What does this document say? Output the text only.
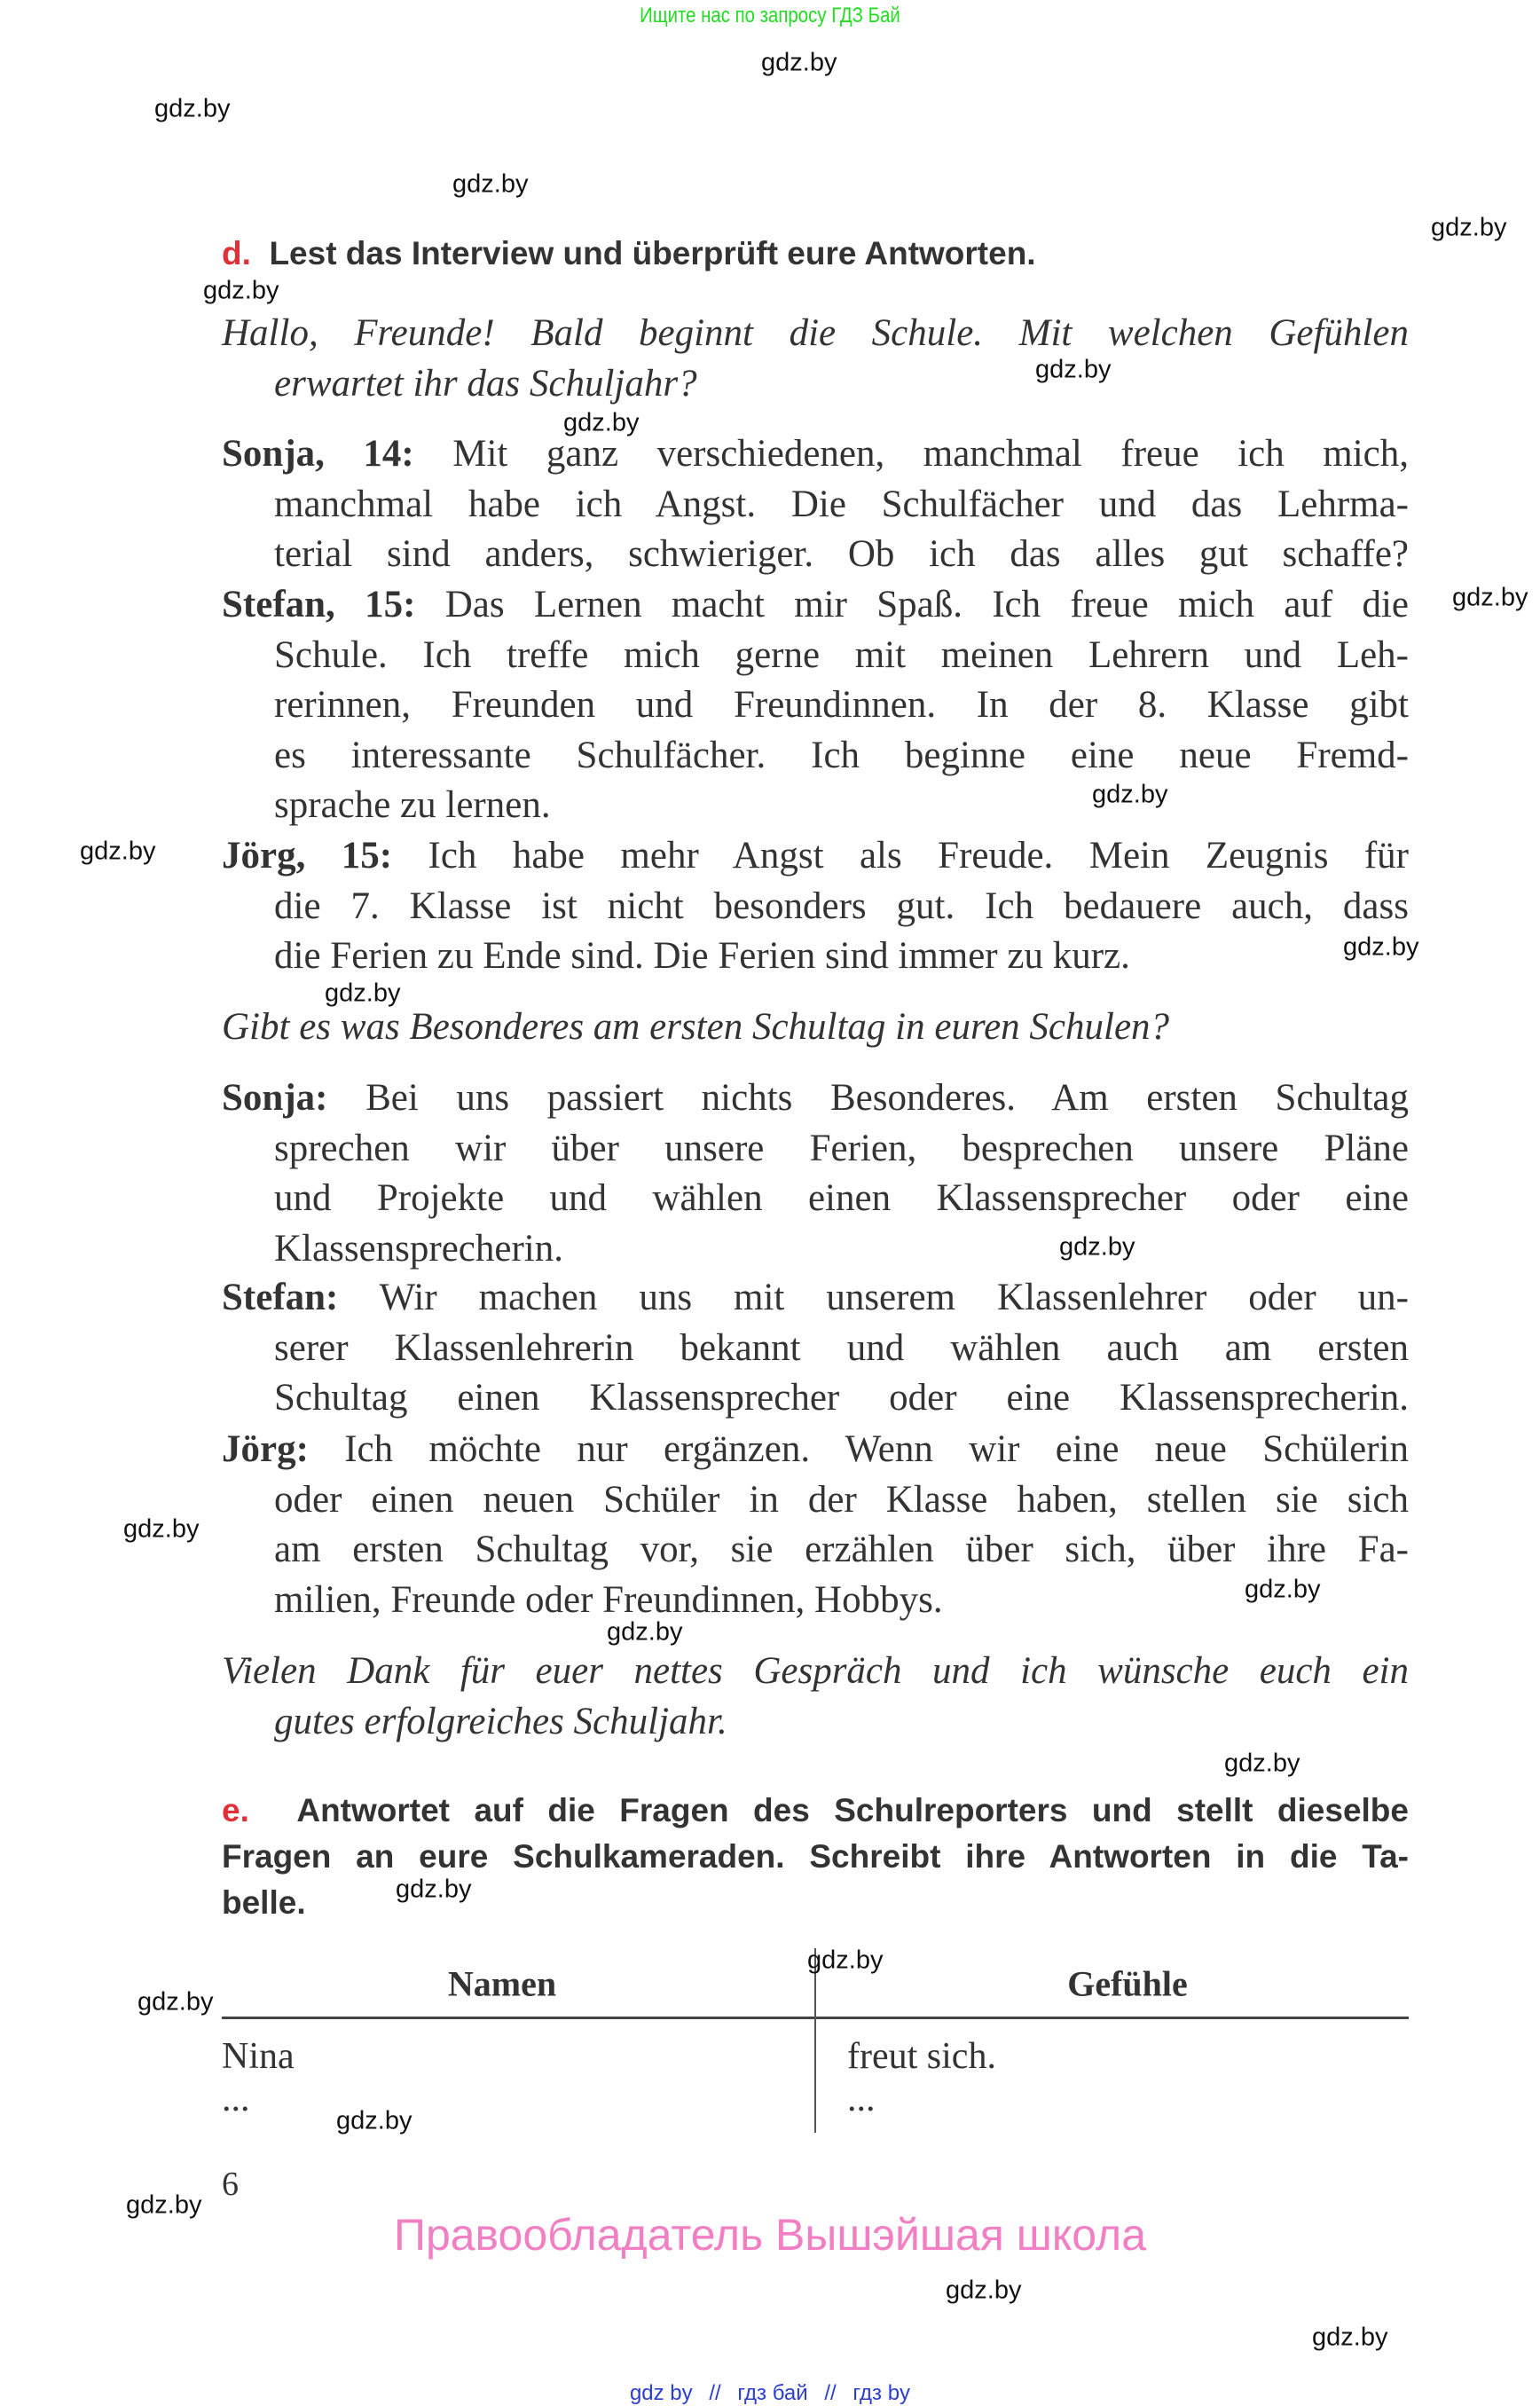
Ищите нас по запросу ГДЗ Бай
d. Lest das Interview und überprüft eure Antworten.
Hallo, Freunde! Bald beginnt die Schule. Mit welchen Gefühlen
erwartet ihr das Schuljahr?
Sonja, 14: Mit ganz verschiedenen, manchmal freue ich mich,
manchmal habe ich Angst. Die Schulfächer und das Lehrma-
terial sind anders, schwieriger. Ob ich das alles gut schaffe?
Stefan, 15: Das Lernen macht mir Spaß. Ich freue mich auf die
Schule. Ich treffe mich gerne mit meinen Lehrern und Leh-
rerinnen, Freunden und Freundinnen. In der 8. Klasse gibt
es interessante Schulfächer. Ich beginne eine neue Fremd-
sprache zu lernen.
Jörg, 15: Ich habe mehr Angst als Freude. Mein Zeugnis für
die 7. Klasse ist nicht besonders gut. Ich bedauere auch, dass
die Ferien zu Ende sind. Die Ferien sind immer zu kurz.
Gibt es was Besonderes am ersten Schultag in euren Schulen?
Sonja: Bei uns passiert nichts Besonderes. Am ersten Schultag
sprechen wir über unsere Ferien, besprechen unsere Pläne
und Projekte und wählen einen Klassensprecher oder eine
Klassensprecherin.
Stefan: Wir machen uns mit unserem Klassenlehrer oder un-
serer Klassenlehrerin bekannt und wählen auch am ersten
Schultag einen Klassensprecher oder eine Klassensprecherin.
Jörg: Ich möchte nur ergänzen. Wenn wir eine neue Schülerin
oder einen neuen Schüler in der Klasse haben, stellen sie sich
am ersten Schultag vor, sie erzählen über sich, über ihre Fa-
milien, Freunde oder Freundinnen, Hobbys.
Vielen Dank für euer nettes Gespräch und ich wünsche euch ein
gutes erfolgreiches Schuljahr.
e. Antwortet auf die Fragen des Schulreporters und stellt dieselbe
Fragen an eure Schulkameraden. Schreibt ihre Antworten in die Ta-
belle.
Namen	Gefühle
Nina	freut sich.
...	...
6
Правообладатель Вышэйшая школа
gdz by // гдз бай // гдз by
gdz.by
gdz.by
gdz.by
gdz.by
gdz.by
gdz.by
gdz.by
gdz.by
gdz.by
gdz.by
gdz.by
gdz.by
gdz.by
gdz.by
gdz.by
gdz.by
gdz.by
gdz.by
gdz.by
gdz.by
gdz.by
gdz.by
gdz.by
gdz.by
